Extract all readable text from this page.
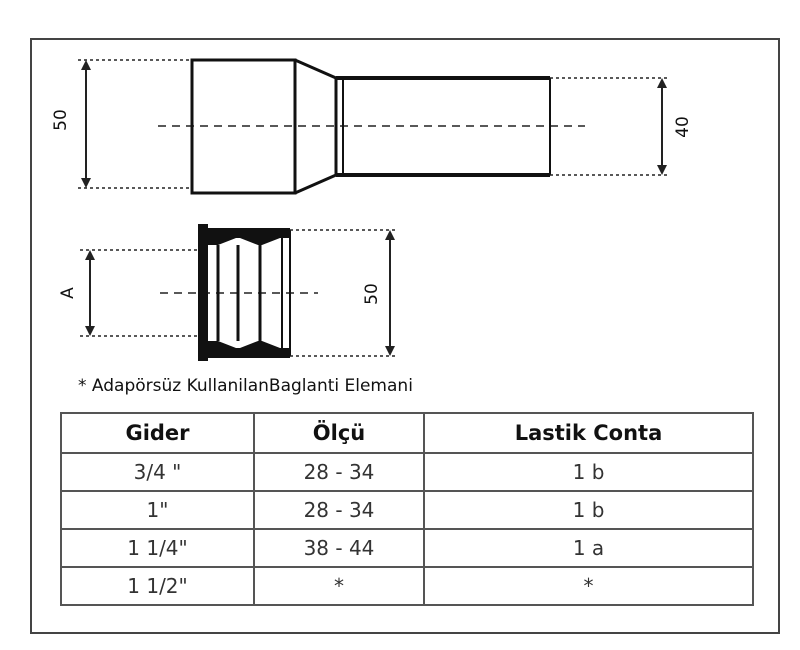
50	40
A	50
* Adapörsüz KullanilanBaglanti Elemani
Gider	Ölçü	Lastik Conta
3/4 "	28 - 34	1 b
1"	28 - 34	1 b
1 1/4"	38 - 44	1 a
1 1/2"	*	*
